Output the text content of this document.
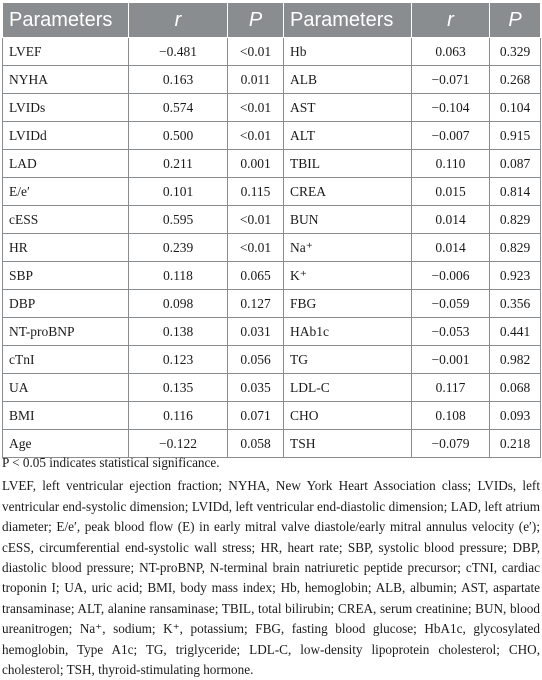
Parameters	r	P	Parameters	r	P
LVEF	−0.481	<0.01	Hb	0.063	0.329
NYHA	0.163	0.011	ALB	−0.071	0.268
LVIDs	0.574	<0.01	AST	−0.104	0.104
LVIDd	0.500	<0.01	ALT	−0.007	0.915
LAD	0.211	0.001	TBIL	0.110	0.087
E/e′	0.101	0.115	CREA	0.015	0.814
cESS	0.595	<0.01	BUN	0.014	0.829
HR	0.239	<0.01	Na⁺	0.014	0.829
SBP	0.118	0.065	K⁺	−0.006	0.923
DBP	0.098	0.127	FBG	−0.059	0.356
NT-proBNP	0.138	0.031	HAb1c	−0.053	0.441
cTnI	0.123	0.056	TG	−0.001	0.982
UA	0.135	0.035	LDL-C	0.117	0.068
BMI	0.116	0.071	CHO	0.108	0.093
Age	−0.122	0.058	TSH	−0.079	0.218

P < 0.05 indicates statistical significance.

LVEF, left ventricular ejection fraction; NYHA, New York Heart Association class; LVIDs, left ventricular end-systolic dimension; LVIDd, left ventricular end-diastolic dimension; LAD, left atrium diameter; E/e′, peak blood flow (E) in early mitral valve diastole/early mitral annulus velocity (e′); cESS, circumferential end-systolic wall stress; HR, heart rate; SBP, systolic blood pressure; DBP, diastolic blood pressure; NT-proBNP, N-terminal brain natriuretic peptide precursor; cTNI, cardiac troponin I; UA, uric acid; BMI, body mass index; Hb, hemoglobin; ALB, albumin; AST, aspartate transaminase; ALT, alanine ransaminase; TBIL, total bilirubin; CREA, serum creatinine; BUN, blood ureanitrogen; Na⁺, sodium; K⁺, potassium; FBG, fasting blood glucose; HbA1c, glycosylated hemoglobin, Type A1c; TG, triglyceride; LDL-C, low-density lipoprotein cholesterol; CHO, cholesterol; TSH, thyroid-stimulating hormone.
